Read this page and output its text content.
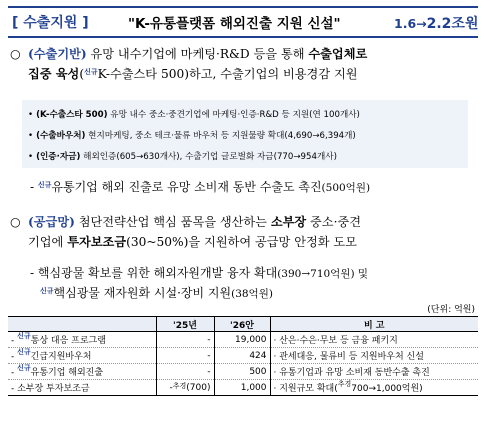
[ 수출지원 ]	"K-유통플랫폼 해외진출 지원 신설"	1.6→2.2조원
○ (수출기반) 유망 내수기업에 마케팅·R&D 등을 통해 수출업체로
집중 육성($^{신규}$K-수출스타 500)하고, 수출기업의 비용경감 지원
• (K-수출스타 500) 유망 내수 중소·중견기업에 마케팅·인증·R&D 등 지원(연 100개사)
• (수출바우처) 현지마케팅, 중소 테크·물류 바우처 등 지원물량 확대(4,690→6,394개)
• (인증·자금) 해외인증(605→630개사), 수출기업 글로벌화 자금(770→954개사)
- $^{신규}$유통기업 해외 진출로 유망 소비재 동반 수출도 촉진(500억원)
○ (공급망) 첨단전략산업 핵심 품목을 생산하는 소부장 중소·중견
기업에 투자보조금(30~50%)을 지원하여 공급망 안정화 도모
- 핵심광물 확보를 위한 해외자원개발 융자 확대(390→710억원) 및
$^{신규}$핵심광물 재자원화 시설·장비 지원(38억원)
(단위: 억원)
	'25년	'26안	비 고
- $^{신규}$통상 대응 프로그램	-	19,000	· 산은·수은·무보 등 금융 패키지
- $^{신규}$긴급지원바우처	-	424	· 관세대응, 물류비 등 지원바우처 신설
- $^{신규}$유통기업 해외진출	-	500	· 유통기업과 유망 소비재 동반수출 촉진
- 소부장 투자보조금	-$^{추경}$(700)	1,000	· 지원규모 확대($^{추경}$700→1,000억원)
